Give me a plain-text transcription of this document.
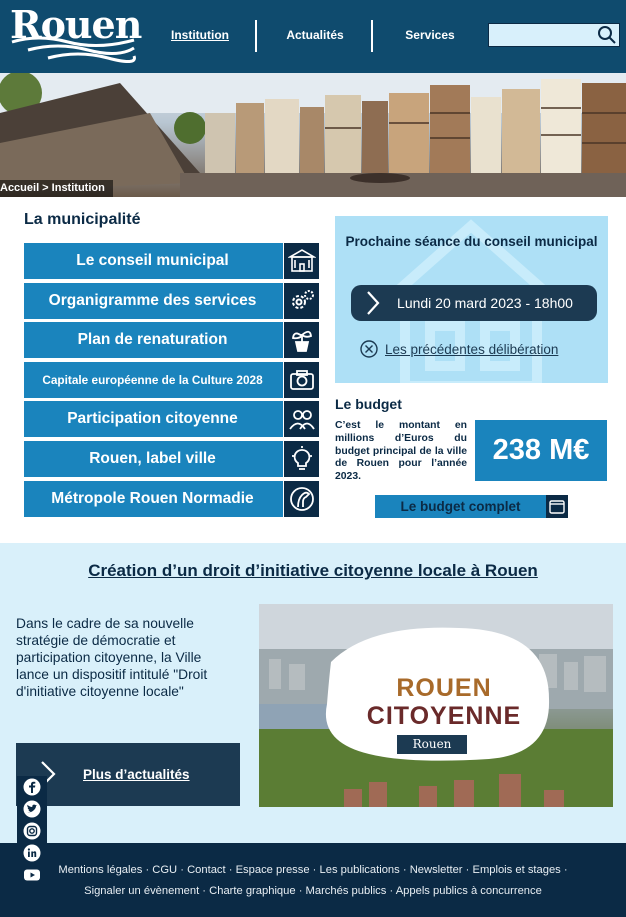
Rouen	Institution	Actualités	Services
Accueil > Institution
La municipalité
Le conseil municipal
Organigramme des services
Plan de renaturation
Capitale européenne de la Culture 2028
Participation citoyenne
Rouen, label ville
Métropole Rouen Normadie
Prochaine séance du conseil municipal
Lundi 20 mard 2023 - 18h00
Les précédentes délibération
Le budget
C’est le montant en millions d’Euros du budget principal de la ville de Rouen pour l’année 2023.
238 M€
Le budget complet
Création d’un droit d’initiative citoyenne locale à Rouen
Dans le cadre de sa nouvelle stratégie de démocratie et participation citoyenne, la Ville lance un dispositif intitulé "Droit d'initiative citoyenne locale"	ROUEN
CITOYENNE
Rouen
Plus d’actualités
Mentions légales · CGU · Contact · Espace presse · Les publications · Newsletter · Emplois et stages ·
Signaler un évènement · Charte graphique · Marchés publics · Appels publics à concurrence
